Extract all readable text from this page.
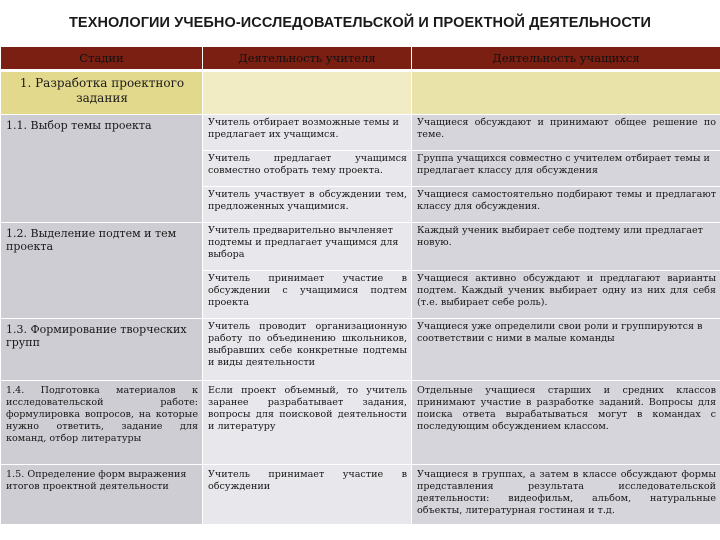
ТЕХНОЛОГИИ УЧЕБНО-ИССЛЕДОВАТЕЛЬСКОЙ И ПРОЕКТНОЙ ДЕЯТЕЛЬНОСТИ
Стадии	Деятельность учителя	Деятельность учащихся
1. Разработка проектного задания		
1.1. Выбор темы проекта	Учитель отбирает возможные темы и предлагает их учащимся.	Учащиеся обсуждают и принимают общее решение по теме.
	Учитель предлагает учащимся совместно отобрать тему проекта.	Группа учащихся совместно с учителем отбирает темы и предлагает классу для обсуждения
	Учитель участвует в обсуждении тем, предложенных учащимися.	Учащиеся самостоятельно подбирают темы и предлагают классу для обсуждения.
1.2. Выделение подтем и тем проекта	Учитель предварительно вычленяет подтемы и предлагает учащимся для выбора	Каждый ученик выбирает себе подтему или предлагает новую.
	Учитель принимает участие в обсуждении с учащимися подтем проекта	Учащиеся активно обсуждают и предлагают варианты подтем. Каждый ученик выбирает одну из них для себя (т.е. выбирает себе роль).
1.3. Формирование творческих групп	Учитель проводит организационную работу по объединению школьников, выбравших себе конкретные подтемы и виды деятельности	Учащиеся уже определили свои роли и группируются в соответствии с ними в малые команды
1.4. Подготовка материалов к исследовательской работе: формулировка вопросов, на которые нужно ответить, задание для команд, отбор литературы	Если проект объемный, то учитель заранее разрабатывает задания, вопросы для поисковой деятельности и литературу	Отдельные учащиеся старших и средних классов принимают участие в разработке заданий. Вопросы для поиска ответа вырабатываться могут в командах с последующим обсуждением классом.
1.5. Определение форм выражения итогов проектной деятельности	Учитель принимает участие в обсуждении	Учащиеся в группах, а затем в классе обсуждают формы представления результата исследовательской деятельности: видеофильм, альбом, натуральные объекты, литературная гостиная и т.д.
